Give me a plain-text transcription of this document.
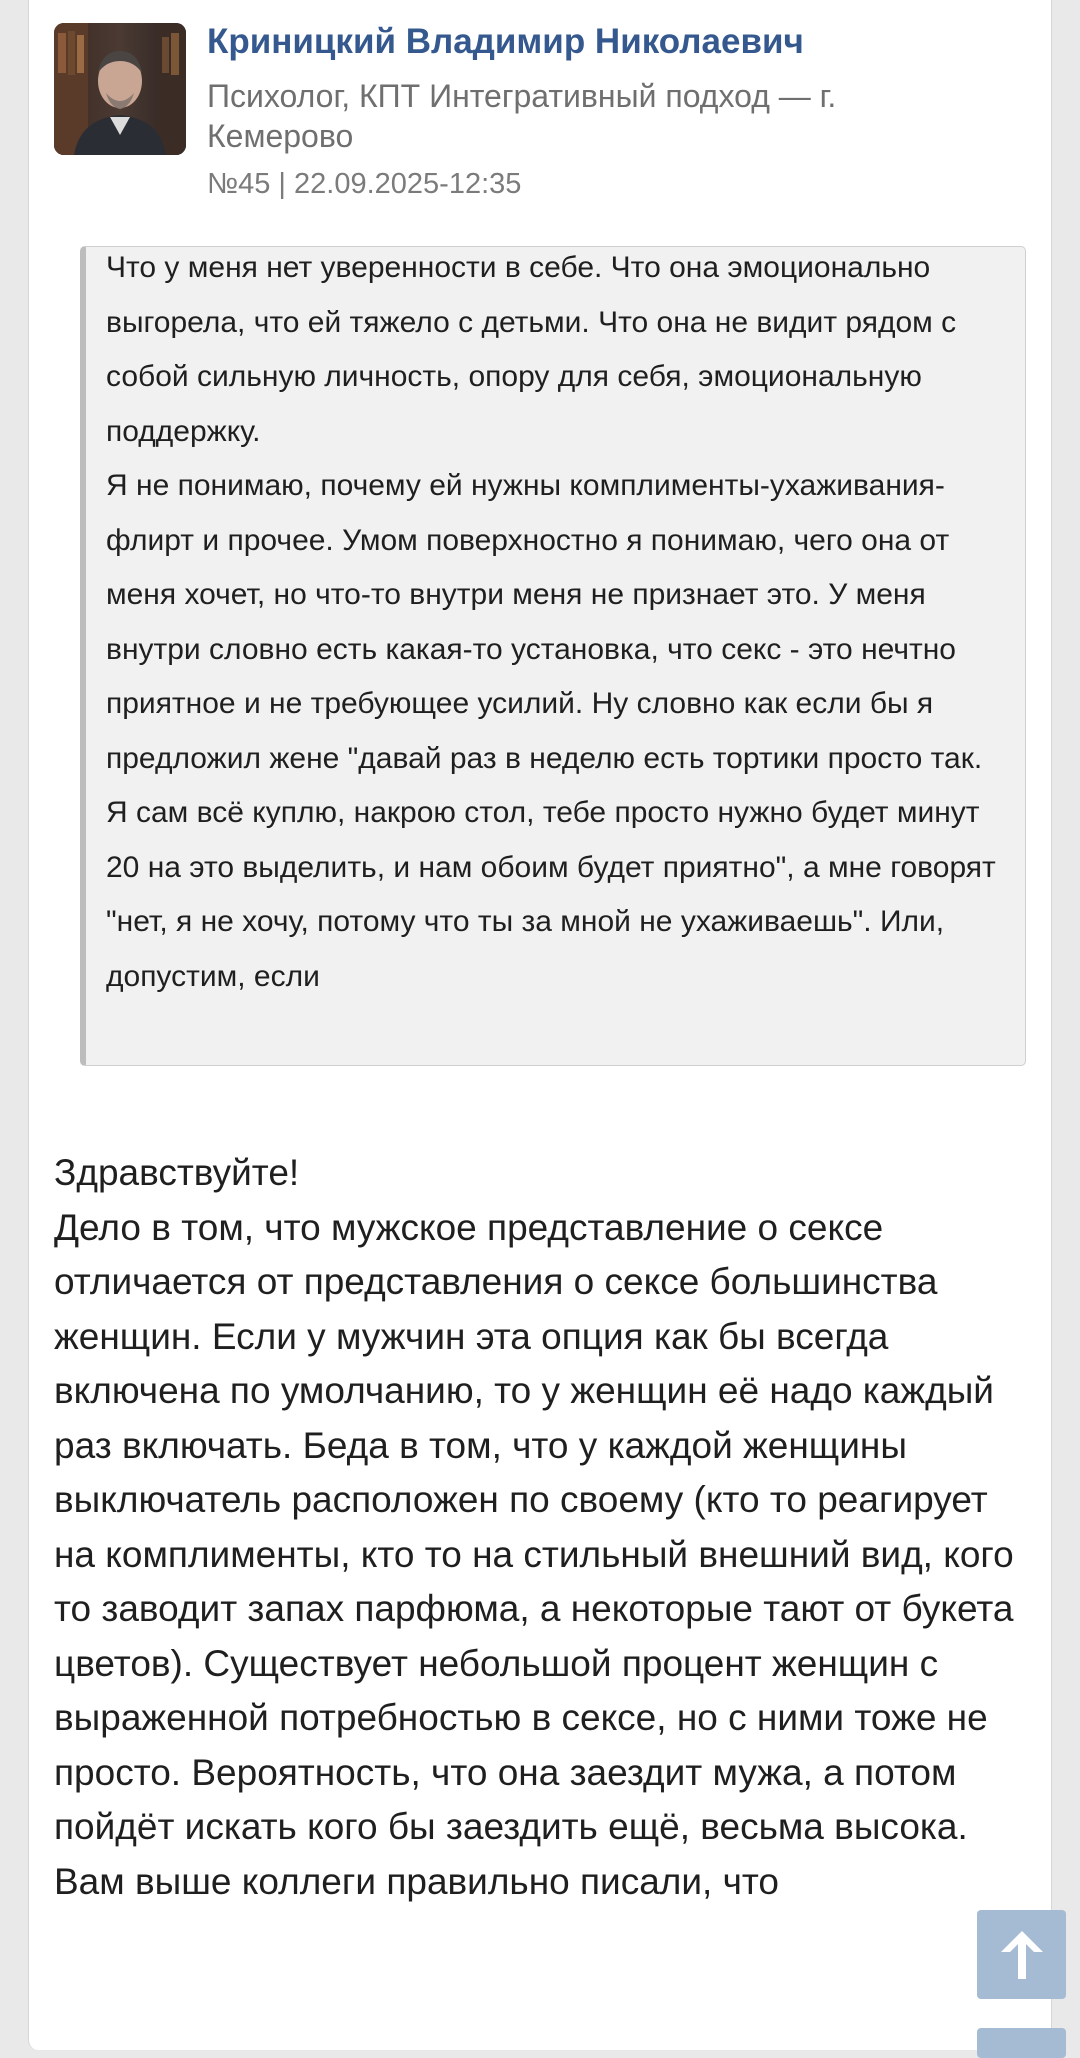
Криницкий Владимир Николаевич
Психолог, КПТ Интегративный подход — г. Кемерово
№45 | 22.09.2025-12:35
Что у меня нет уверенности в себе. Что она эмоционально выгорела, что ей тяжело с детьми. Что она не видит рядом с собой сильную личность, опору для себя, эмоциональную поддержку.
Я не понимаю, почему ей нужны комплименты-ухаживания-флирт и прочее. Умом поверхностно я понимаю, чего она от меня хочет, но что-то внутри меня не признает это. У меня внутри словно есть какая-то установка, что секс - это нечтно приятное и не требующее усилий. Ну словно как если бы я предложил жене "давай раз в неделю есть тортики просто так. Я сам всё куплю, накрою стол, тебе просто нужно будет минут 20 на это выделить, и нам обоим будет приятно", а мне говорят "нет, я не хочу, потому что ты за мной не ухаживаешь". Или, допустим, если

Здравствуйте!

Дело в том, что мужское представление о сексе отличается от представления о сексе большинства женщин. Если у мужчин эта опция как бы всегда включена по умолчанию, то у женщин её надо каждый раз включать. Беда в том, что у каждой женщины выключатель расположен по своему (кто то реагирует на комплименты, кто то на стильный внешний вид, кого то заводит запах парфюма, а некоторые тают от букета цветов). Существует небольшой процент женщин с выраженной потребностью в сексе, но с ними тоже не просто. Вероятность, что она заездит мужа, а потом пойдёт искать кого бы заездить ещё, весьма высока.

Вам выше коллеги правильно писали, что
